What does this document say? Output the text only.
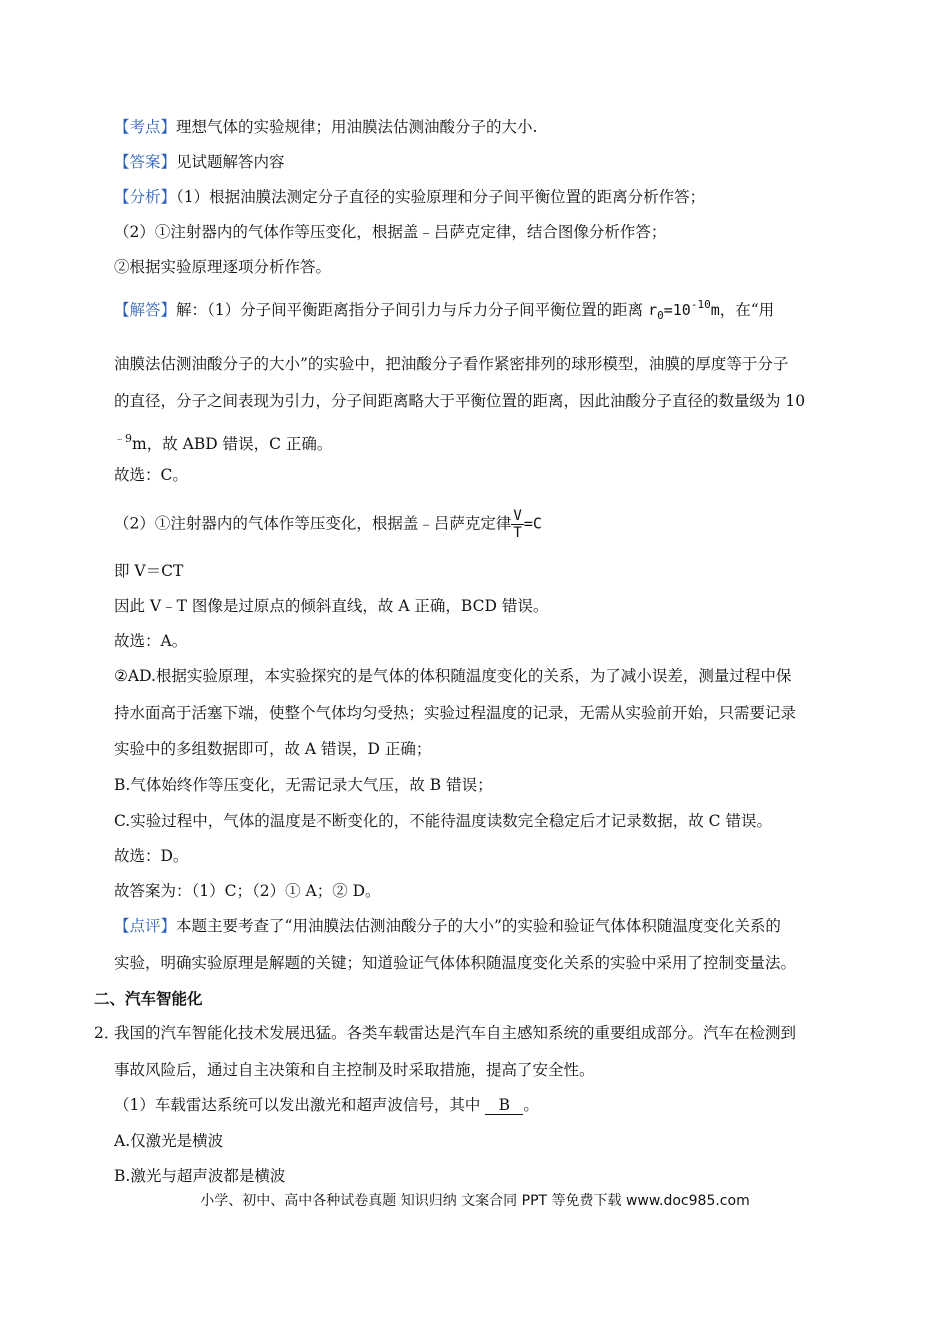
【考点】理想气体的实验规律；用油膜法估测油酸分子的大小.
【答案】见试题解答内容
【分析】（1）根据油膜法测定分子直径的实验原理和分子间平衡位置的距离分析作答；
（2）①注射器内的气体作等压变化，根据盖﹣吕萨克定律，结合图像分析作答；
②根据实验原理逐项分析作答。
【解答】解：（1）分子间平衡距离指分子间引力与斥力分子间平衡位置的距离 $r_0=10^{-10}m$，在“用
油膜法估测油酸分子的大小”的实验中，把油酸分子看作紧密排列的球形模型，油膜的厚度等于分子
的直径，分子之间表现为引力，分子间距离略大于平衡位置的距离，因此油酸分子直径的数量级为 10
$^{﹣9}$m，故 ABD 错误，C 正确。
故选：C。
（2）①注射器内的气体作等压变化，根据盖﹣吕萨克定律 $\frac{V}{T} =C$
即 V＝CT
因此 V﹣T 图像是过原点的倾斜直线，故 A 正确，BCD 错误。
故选：A。
②AD.根据实验原理，本实验探究的是气体的体积随温度变化的关系，为了减小误差，测量过程中保
持水面高于活塞下端，使整个气体均匀受热；实验过程温度的记录，无需从实验前开始，只需要记录
实验中的多组数据即可，故 A 错误，D 正确；
B.气体始终作等压变化，无需记录大气压，故 B 错误；
C.实验过程中，气体的温度是不断变化的，不能待温度读数完全稳定后才记录数据，故 C 错误。
故选：D。
故答案为：（1）C；（2）① A；② D。
【点评】本题主要考查了“用油膜法估测油酸分子的大小”的实验和验证气体体积随温度变化关系的
实验，明确实验原理是解题的关键；知道验证气体体积随温度变化关系的实验中采用了控制变量法。
二、汽车智能化
2．我国的汽车智能化技术发展迅猛。各类车载雷达是汽车自主感知系统的重要组成部分。汽车在检测到
事故风险后，通过自主决策和自主控制及时采取措施，提高了安全性。
（1）车载雷达系统可以发出激光和超声波信号，其中 B 。
A.仅激光是横波
B.激光与超声波都是横波
小学、初中、高中各种试卷真题 知识归纳 文案合同 PPT 等免费下载 www.doc985.com
